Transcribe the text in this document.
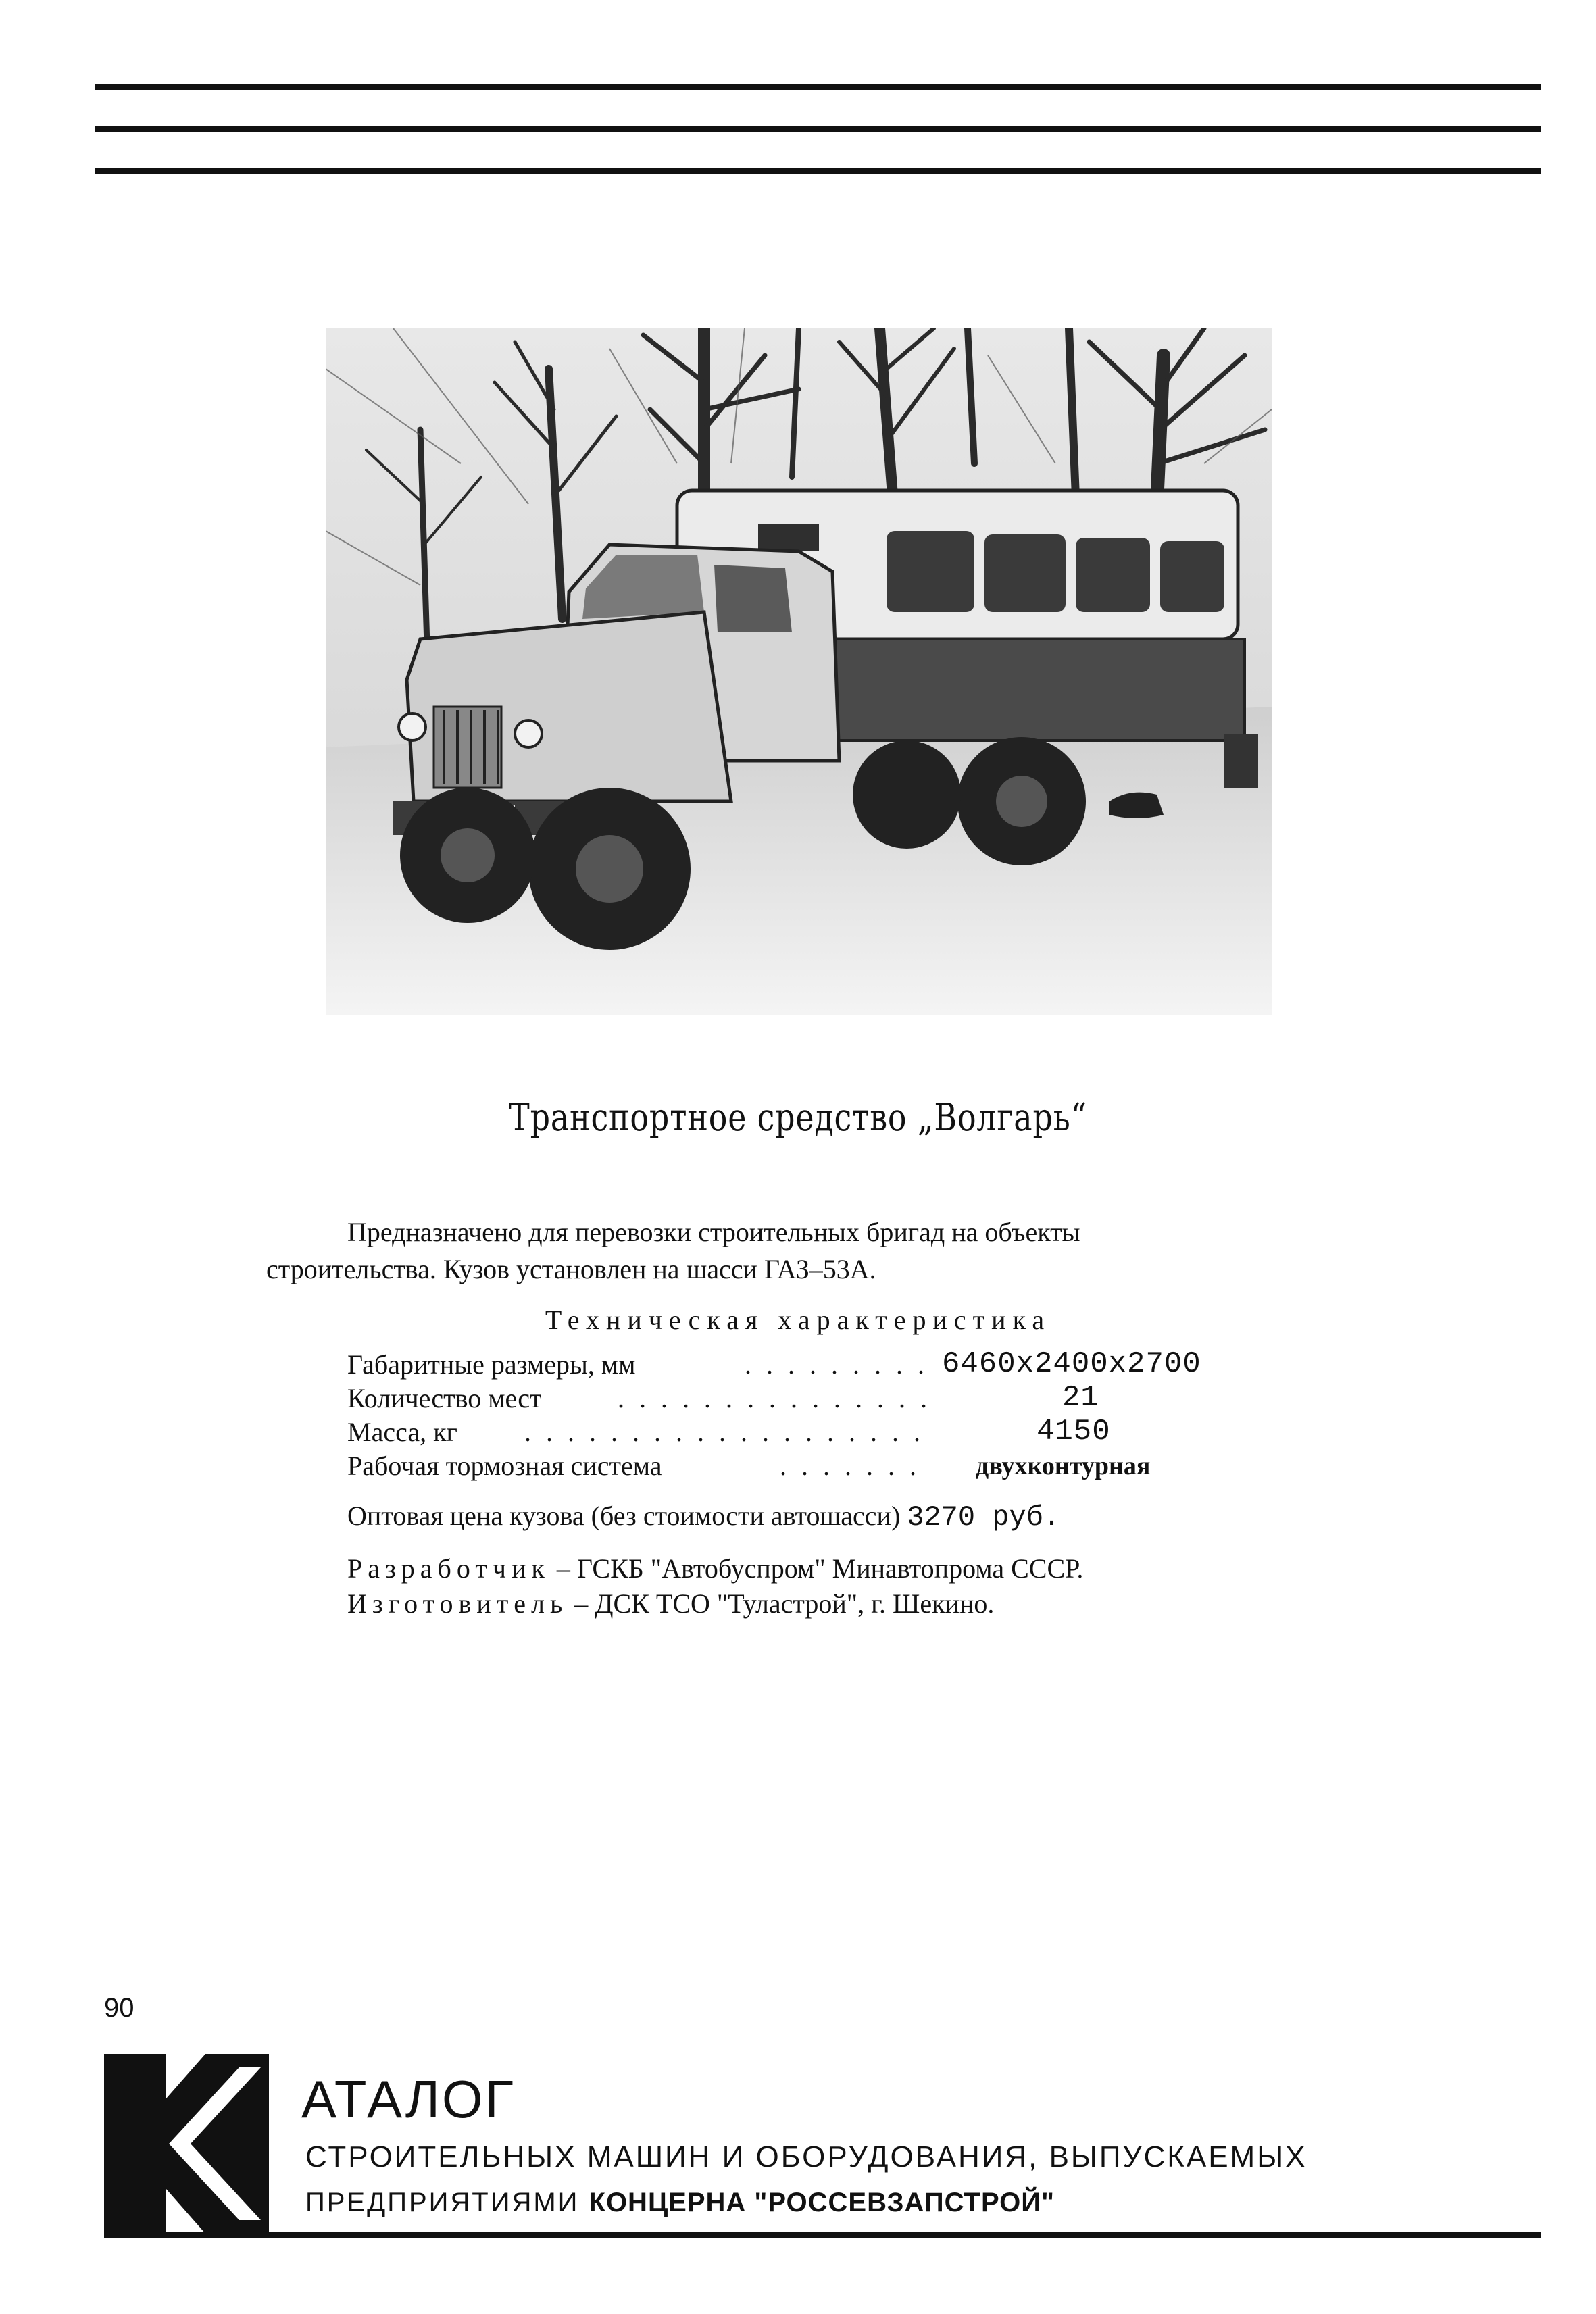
Транспортное средство „Волгарь“
Предназначено для перевозки строительных бригад на объекты
строительства. Кузов установлен на шасси ГАЗ–53А.
Техническая характеристика
Габаритные размеры, мм	. . . . . . . . . 6460x2400x2700
Количество мест	. . . . . . . . . . . . . . .	21
Масса, кг . . . . . . . . . . . . . . . . . . .	4150
Рабочая тормозная система	. . . . . . . двухконтурная
Оптовая цена кузова (без стоимости автошасси) 3270 руб.
Разработчик – ГСКБ "Автобуспром" Минавтопрома СССР.
Изготовитель – ДСК ТСО "Туластрой", г. Шекино.
90
АТАЛОГ
СТРОИТЕЛЬНЫХ МАШИН И ОБОРУДОВАНИЯ, ВЫПУСКАЕМЫХ
ПРЕДПРИЯТИЯМИ КОНЦЕРНА "РОССЕВЗАПСТРОЙ"
